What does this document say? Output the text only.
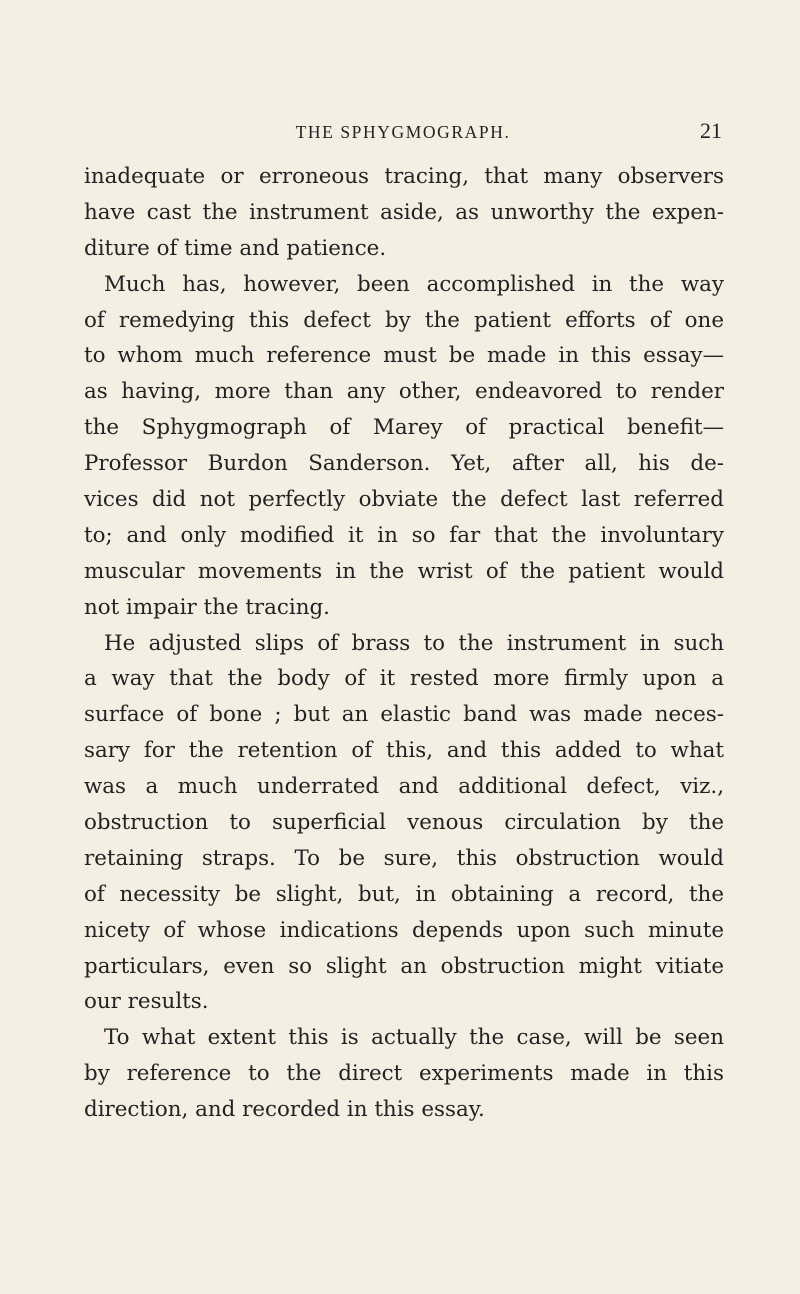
THE SPHYGMOGRAPH.	21
inadequate or erroneous tracing, that many observers
have cast the instrument aside, as unworthy the expen-
diture of time and patience.
Much has, however, been accomplished in the way
of remedying this defect by the patient efforts of one
to whom much reference must be made in this essay—
as having, more than any other, endeavored to render
the Sphygmograph of Marey of practical benefit—
Professor Burdon Sanderson. Yet, after all, his de-
vices did not perfectly obviate the defect last referred
to; and only modified it in so far that the involuntary
muscular movements in the wrist of the patient would
not impair the tracing.
He adjusted slips of brass to the instrument in such
a way that the body of it rested more firmly upon a
surface of bone ; but an elastic band was made neces-
sary for the retention of this, and this added to what
was a much underrated and additional defect, viz.,
obstruction to superficial venous circulation by the
retaining straps. To be sure, this obstruction would
of necessity be slight, but, in obtaining a record, the
nicety of whose indications depends upon such minute
particulars, even so slight an obstruction might vitiate
our results.
To what extent this is actually the case, will be seen
by reference to the direct experiments made in this
direction, and recorded in this essay.
